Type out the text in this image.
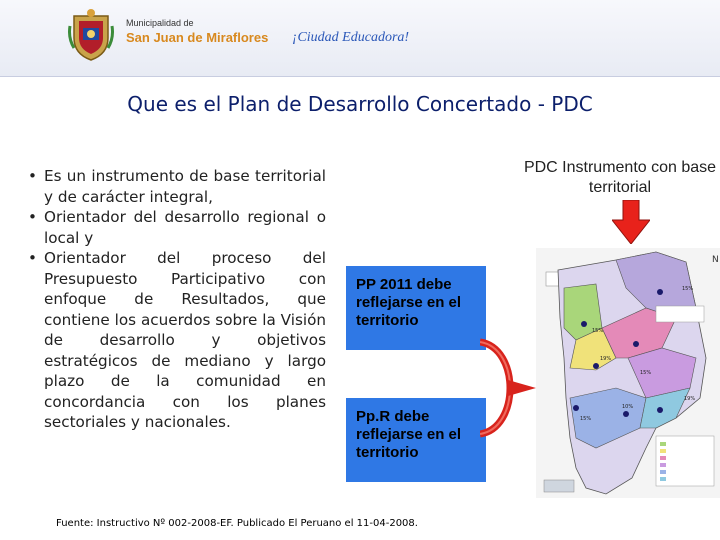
Municipalidad de
San Juan de Miraflores ¡Ciudad Educadora!
Que es el Plan de Desarrollo Concertado - PDC
• Es un instrumento de base territorial y de carácter integral,
• Orientador del desarrollo regional o local y
• Orientador del proceso del Presupuesto Participativo con enfoque de Resultados, que contiene los acuerdos sobre la Visión de desarrollo y objetivos estratégicos de mediano y largo plazo de la comunidad en concordancia con los planes sectoriales y nacionales.
PP 2011 debe reflejarse en el territorio
Pp.R debe reflejarse en el territorio
PDC Instrumento con base territorial
15%
15%
19%
15%
10%
15%
19%
N
Fuente: Instructivo Nº 002-2008-EF. Publicado El Peruano el 11-04-2008.
